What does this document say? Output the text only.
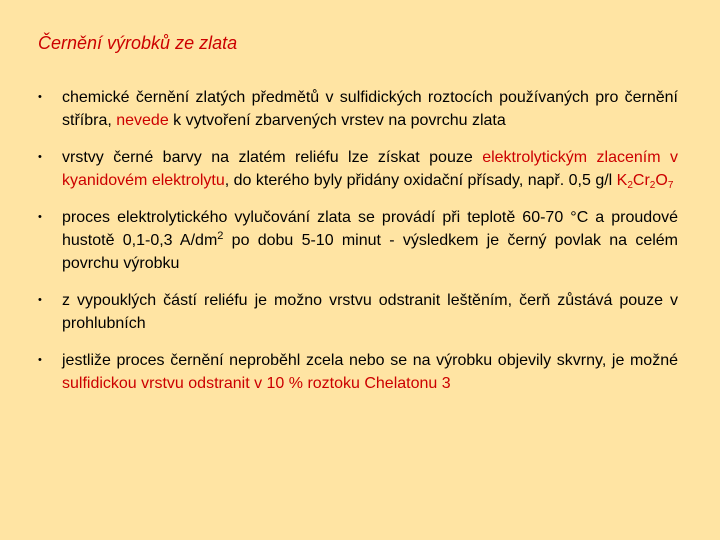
Černění výrobků ze zlata
• chemické černění zlatých předmětů v sulfidických roztocích používaných pro černění stříbra, nevede k vytvoření zbarvených vrstev na povrchu zlata
• vrstvy černé barvy na zlatém reliéfu lze získat pouze elektrolytickým zlacením v kyanidovém elektrolytu, do kterého byly přidány oxidační přísady, např. 0,5 g/l $K_2Cr_2O_7$
• proces elektrolytického vylučování zlata se provádí při teplotě 60-70 °C a proudové hustotě 0,1-0,3 $A/dm^2$ po dobu 5-10 minut - výsledkem je černý povlak na celém povrchu výrobku
• z vypouklých částí reliéfu je možno vrstvu odstranit leštěním, čerň zůstává pouze v prohlubních
• jestliže proces černění neproběhl zcela nebo se na výrobku objevily skvrny, je možné sulfidickou vrstvu odstranit v 10 % roztoku Chelatonu 3
